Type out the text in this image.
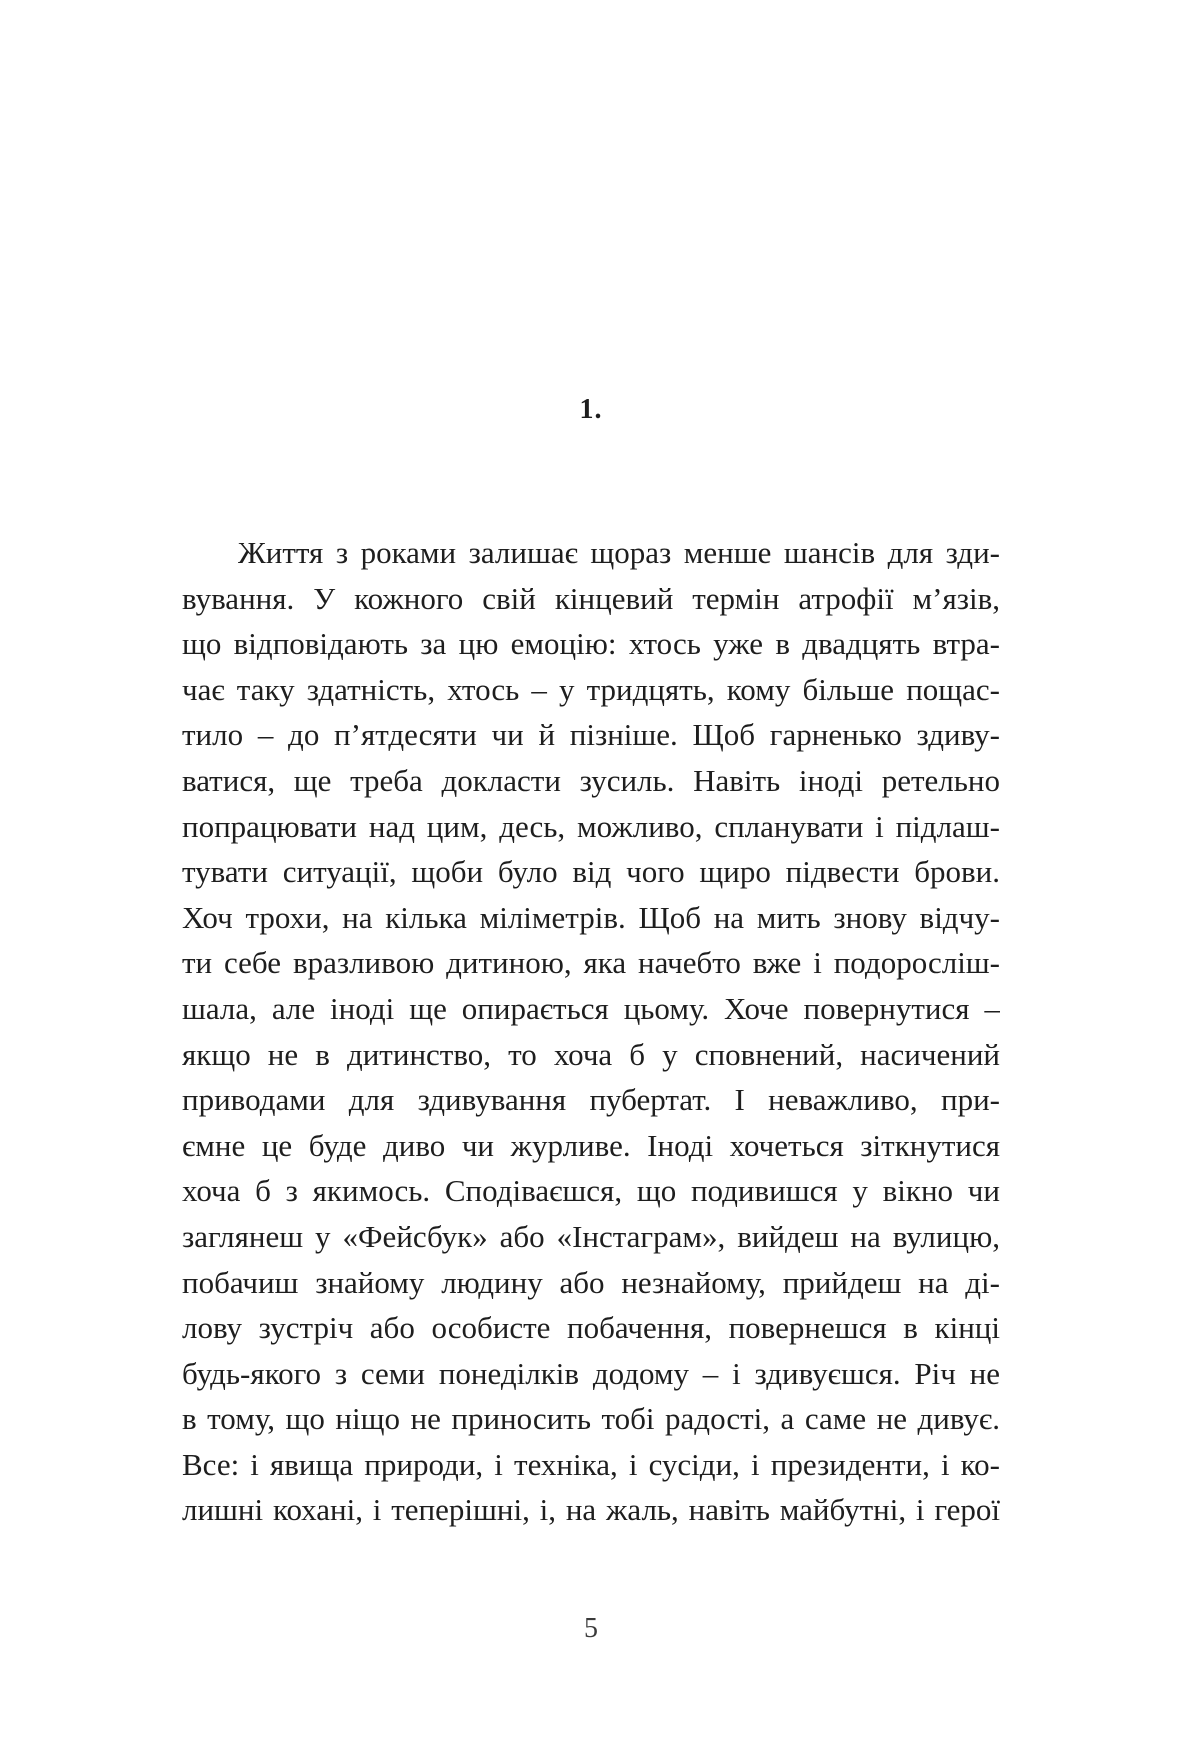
1.
Життя з роками залишає щораз менше шансів для зди-
вування. У кожного свій кінцевий термін атрофії м’язів,
що відповідають за цю емоцію: хтось уже в двадцять втра-
чає таку здатність, хтось – у тридцять, кому більше пощас-
тило – до п’ятдесяти чи й пізніше. Щоб гарненько здиву-
ватися, ще треба докласти зусиль. Навіть іноді ретельно
попрацювати над цим, десь, можливо, спланувати і підлаш-
тувати ситуації, щоби було від чого щиро підвести брови.
Хоч трохи, на кілька міліметрів. Щоб на мить знову відчу-
ти себе вразливою дитиною, яка начебто вже і подоросліш-
шала, але іноді ще опирається цьому. Хоче повернутися –
якщо не в дитинство, то хоча б у сповнений, насичений
приводами для здивування пубертат. І неважливо, при-
ємне це буде диво чи журливе. Іноді хочеться зіткнутися
хоча б з якимось. Сподіваєшся, що подивишся у вікно чи
заглянеш у «Фейсбук» або «Інстаграм», вийдеш на вулицю,
побачиш знайому людину або незнайому, прийдеш на ді-
лову зустріч або особисте побачення, повернешся в кінці
будь-якого з семи понеділків додому – і здивуєшся. Річ не
в тому, що ніщо не приносить тобі радості, а саме не дивує.
Все: і явища природи, і техніка, і сусіди, і президенти, і ко-
лишні кохані, і теперішні, і, на жаль, навіть майбутні, і герої
5
